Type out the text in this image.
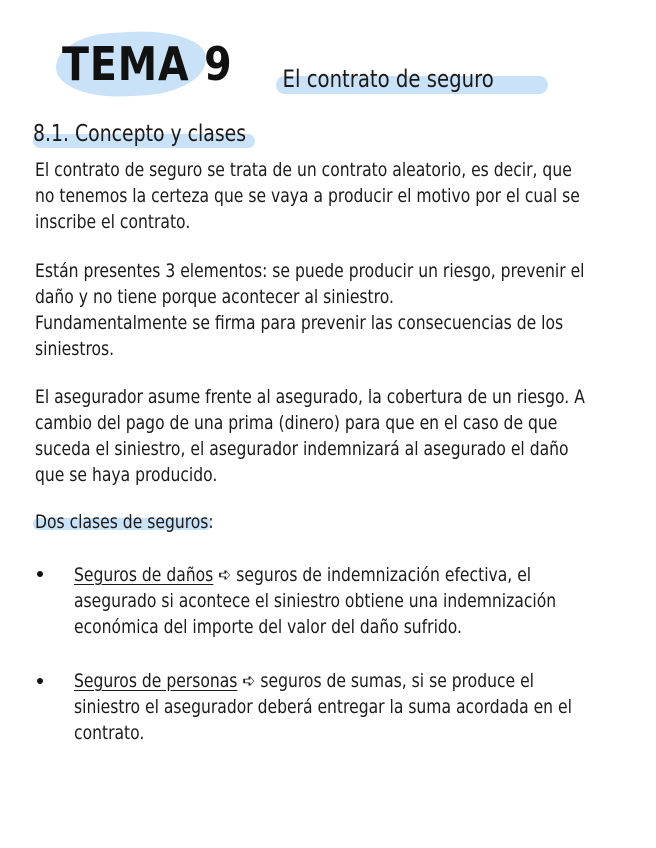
TEMA 9 El contrato de seguro
8.1. Concepto y clases

El contrato de seguro se trata de un contrato aleatorio, es decir, que
no tenemos la certeza que se vaya a producir el motivo por el cual se
inscribe el contrato.

Están presentes 3 elementos: se puede producir un riesgo, prevenir el
daño y no tiene porque acontecer al siniestro.
Fundamentalmente se firma para prevenir las consecuencias de los
siniestros.

El asegurador asume frente al asegurado, la cobertura de un riesgo. A
cambio del pago de una prima (dinero) para que en el caso de que
suceda el siniestro, el asegurador indemnizará al asegurado el daño
que se haya producido.

Dos clases de seguros:

Seguros de daños ➪ seguros de indemnización efectiva, el
asegurado si acontece el siniestro obtiene una indemnización
económica del importe del valor del daño sufrido.

Seguros de personas ➪ seguros de sumas, si se produce el
siniestro el asegurador deberá entregar la suma acordada en el
contrato.
